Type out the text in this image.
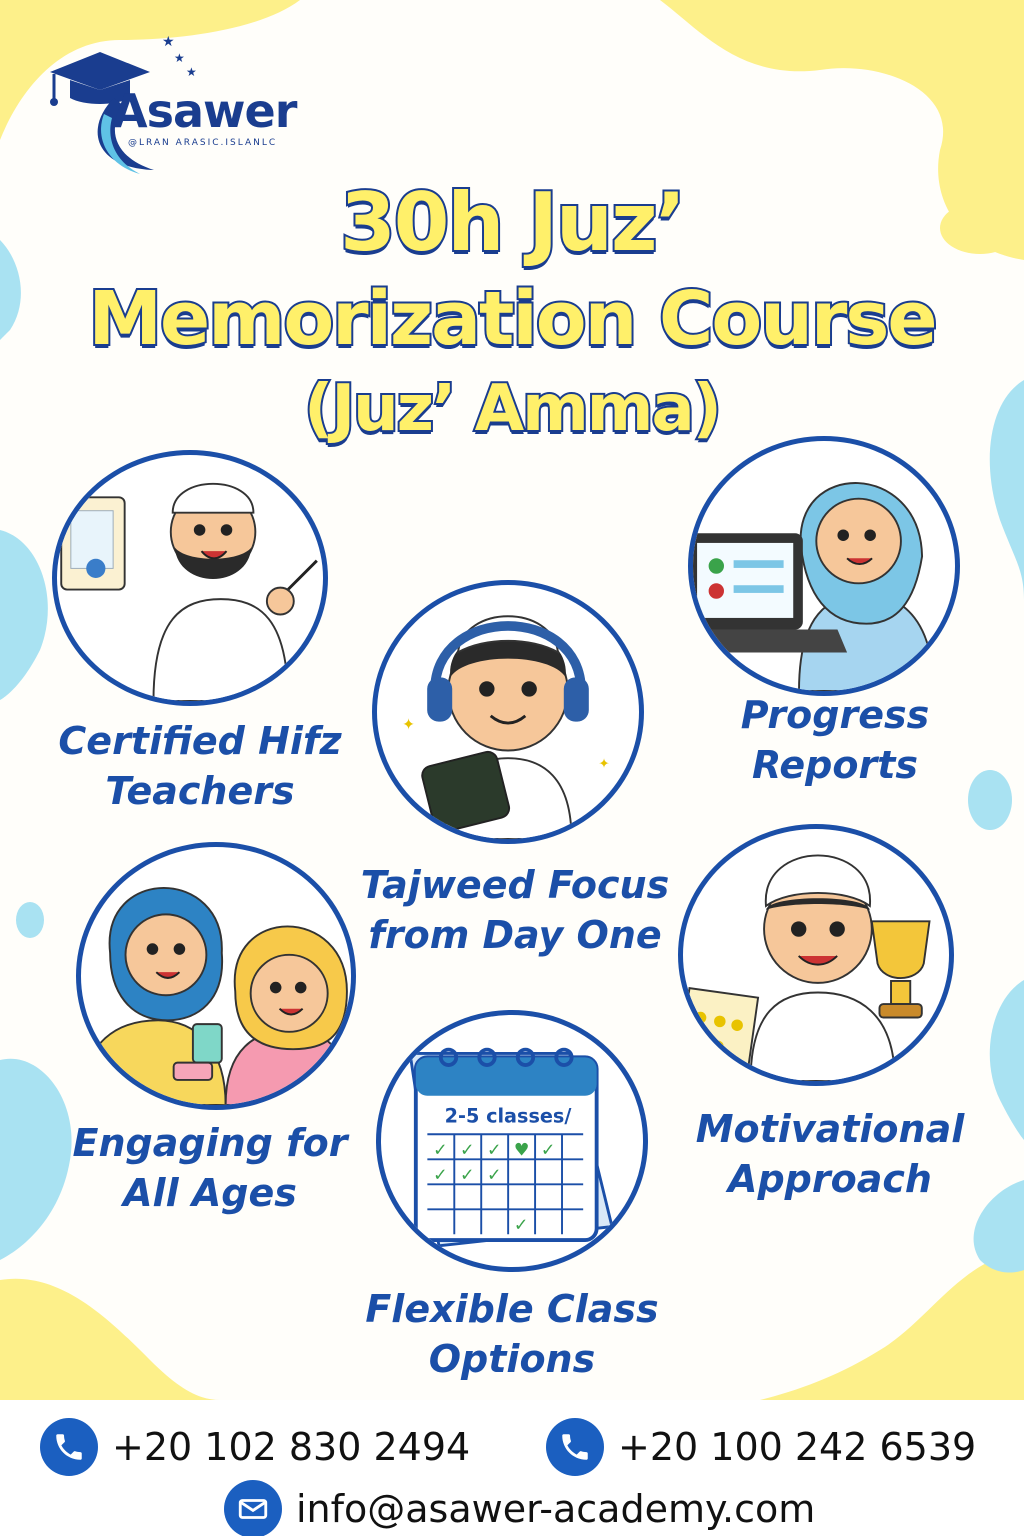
★
★
★
Asawer
@LRAN ARASIC.ISLANLC
30h Juz’
Memorization Course
(Juz’ Amma)
✦
✦
2-5 classes/
✓ ✓ ✓ ✓
✓ ✓ ✓
✓
♥
Certified Hifz
Teachers
Progress
Reports
Tajweed Focus
from Day One
Engaging for
All Ages
Motivational
Approach
Flexible Class
Options
+20 102 830 2494	+20 100 242 6539
info@asawer-academy.com
